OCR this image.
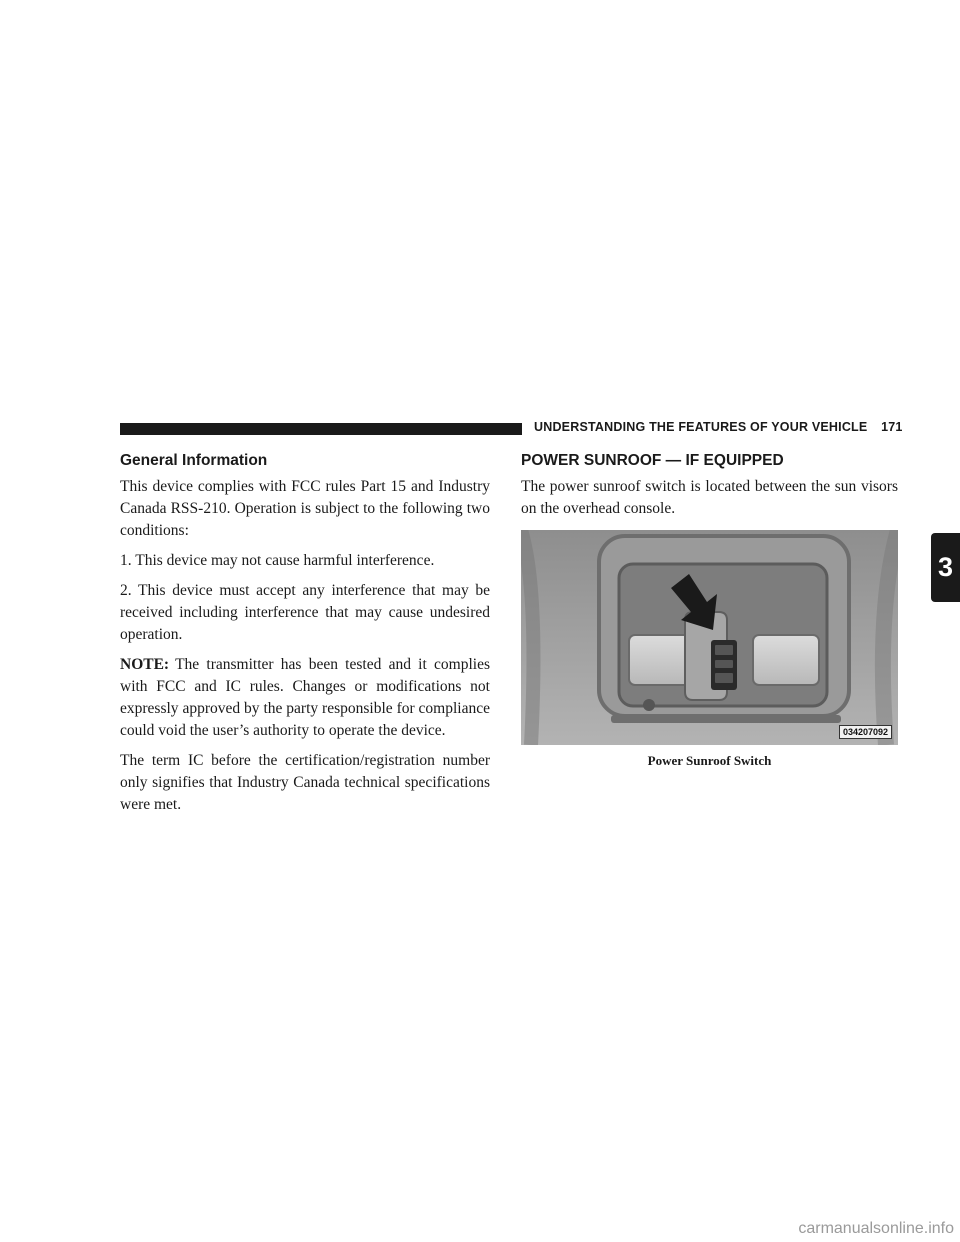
UNDERSTANDING THE FEATURES OF YOUR VEHICLE 171
General Information

This device complies with FCC rules Part 15 and Industry Canada RSS-210. Operation is subject to the following two conditions:

1. This device may not cause harmful interference.

2. This device must accept any interference that may be received including interference that may cause undesired operation.

NOTE: The transmitter has been tested and it complies with FCC and IC rules. Changes or modifications not expressly approved by the party responsible for compliance could void the user’s authority to operate the device.

The term IC before the certification/registration number only signifies that Industry Canada technical specifications were met.

POWER SUNROOF — IF EQUIPPED

The power sunroof switch is located between the sun visors on the overhead console.

034207092
Power Sunroof Switch
3
carmanualsonline.info
